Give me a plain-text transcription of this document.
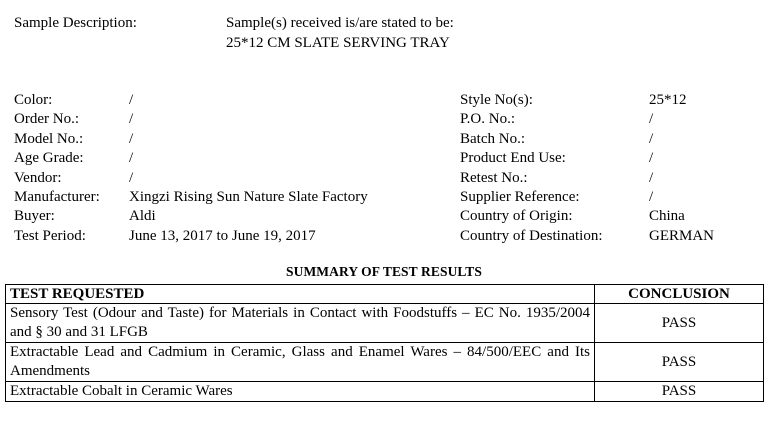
Sample Description:	Sample(s) received is/are stated to be:
25*12 CM SLATE SERVING TRAY
Color:	/	Style No(s):	25*12
Order No.:	/	P.O. No.:	/
Model No.:	/	Batch No.:	/
Age Grade:	/	Product End Use:	/
Vendor:	/	Retest No.:	/
Manufacturer: Xingzi Rising Sun Nature Slate Factory	Supplier Reference:	/
Buyer:	Aldi	Country of Origin:	China
Test Period:	June 13, 2017 to June 19, 2017	Country of Destination:	GERMAN
SUMMARY OF TEST RESULTS
TEST REQUESTED	CONCLUSION
Sensory Test (Odour and Taste) for Materials in Contact with Foodstuffs – EC No. 1935/2004 and § 30 and 31 LFGB	PASS
Extractable Lead and Cadmium in Ceramic, Glass and Enamel Wares – 84/500/EEC and Its Amendments	PASS
Extractable Cobalt in Ceramic Wares	PASS
